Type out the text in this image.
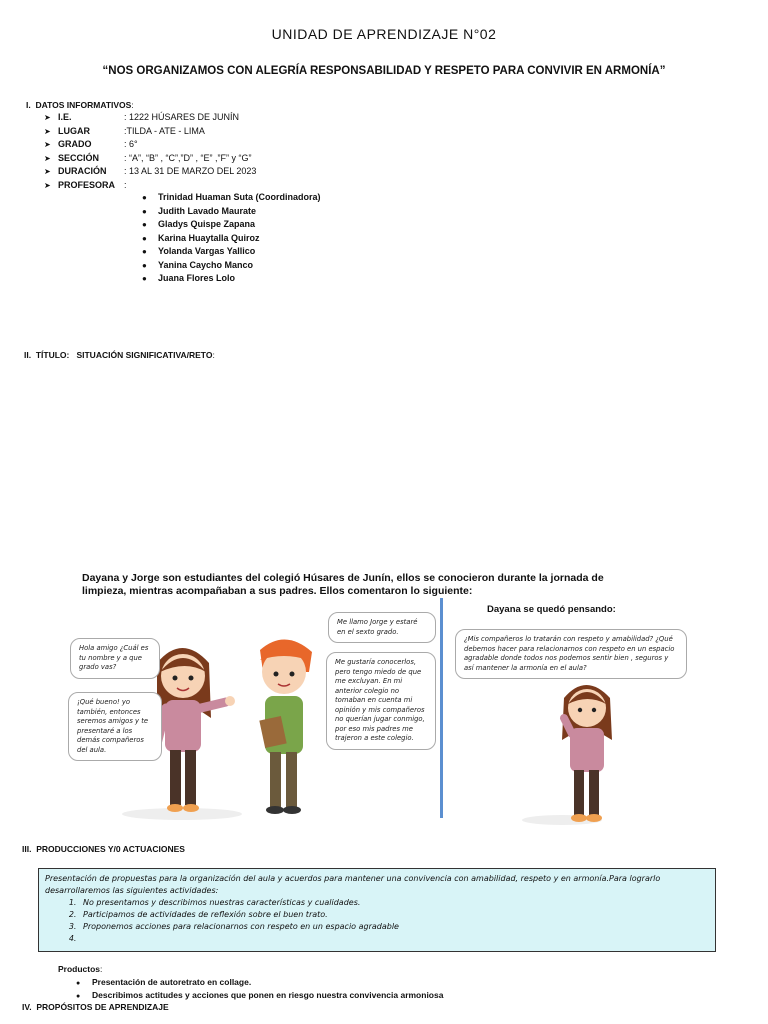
UNIDAD DE APRENDIZAJE N°02
“NOS ORGANIZAMOS CON ALEGRÍA RESPONSABILIDAD Y RESPETO PARA CONVIVIR EN ARMONÍA”
I. DATOS INFORMATIVOS:
➤ I.E.	: 1222 HÚSARES DE JUNÍN
➤ LUGAR	:TILDA - ATE - LIMA
➤ GRADO	: 6°
➤ SECCIÓN	: “A”, “B” , “C”,”D” , “E” ,”F” y “G”
➤ DURACIÓN : 13 AL 31 DE MARZO DEL 2023
➤ PROFESORA :
● Trinidad Huaman Suta (Coordinadora)
● Judith Lavado Maurate
● Gladys Quispe Zapana
● Karina Huaytalla Quiroz
● Yolanda Vargas Yallico
● Yanina Caycho Manco
● Juana Flores Lolo
II. TÍTULO: SITUACIÓN SIGNIFICATIVA/RETO:
Dayana y Jorge son estudiantes del colegió Húsares de Junín, ellos se conocieron durante la jornada de limpieza, mientras acompañaban a sus padres. Ellos comentaron lo siguiente:
Dayana se quedó pensando:
Hola amigo ¿Cuál es tu nombre y a que grado vas?
¡Qué bueno! yo también, entonces seremos amigos y te presentaré a los demás compañeros del aula.
Me llamo Jorge y estaré en el sexto grado.
Me gustaría conocerlos, pero tengo miedo de que me excluyan. En mi anterior colegio no tomaban en cuenta mi opinión y mis compañeros no querían jugar conmigo, por eso mis padres me trajeron a este colegio.
¿Mis compañeros lo tratarán con respeto y amabilidad? ¿Qué debemos hacer para relacionarnos con respeto en un espacio agradable donde todos nos podemos sentir bien , seguros y así mantener la armonía en el aula?
III. PRODUCCIONES Y/0 ACTUACIONES

Presentación de propuestas para la organización del aula y acuerdos para mantener una convivencia con amabilidad, respeto y en armonía.Para lograrlo desarrollaremos las siguientes actividades:

1. No presentamos y describimos nuestras características y cualidades.
2. Participamos de actividades de reflexión sobre el buen trato.
3. Proponemos acciones para relacionarnos con respeto en un espacio agradable
4.
Productos:
● Presentación de autoretrato en collage.
● Describimos actitudes y acciones que ponen en riesgo nuestra convivencia armoniosa
IV. PROPÓSITOS DE APRENDIZAJE
